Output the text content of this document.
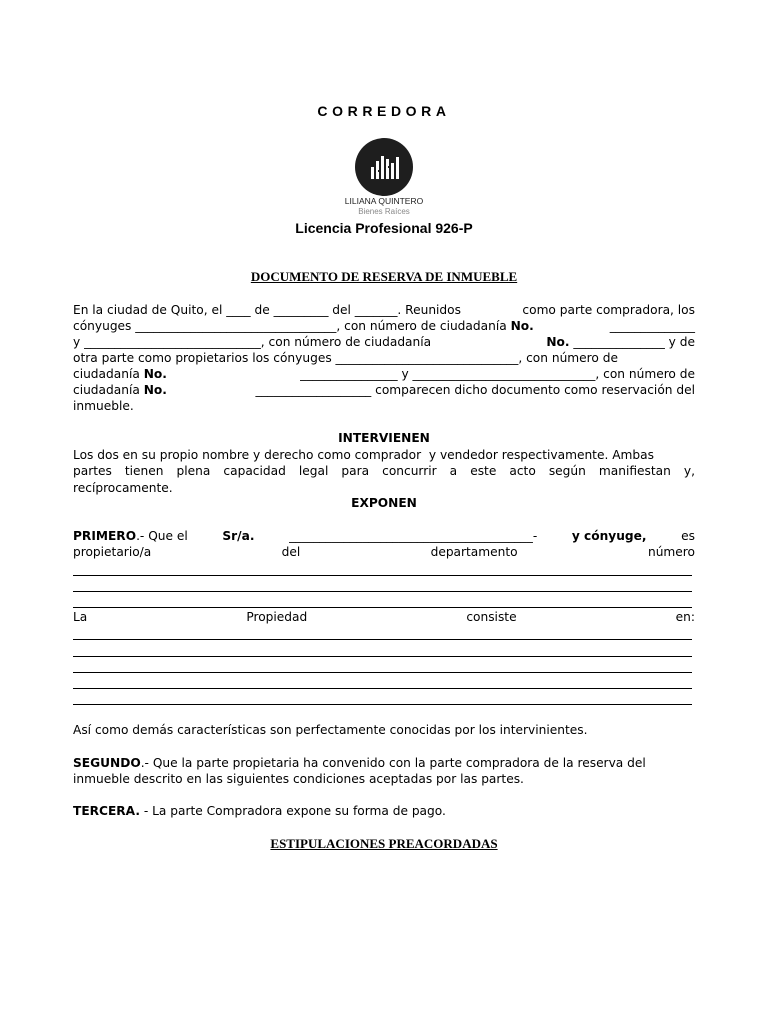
CORREDORA
LILIANA QUINTERO
Bienes Raíces
Licencia Profesional 926-P
DOCUMENTO DE RESERVA DE INMUEBLE
En la ciudad de Quito, el ____ de _________ del _______. Reunidos	como parte compradora, los
cónyuges _________________________________, con número de ciudadanía No.	______________
y _____________________________, con número de ciudadanía	No. _______________ y de
otra parte como propietarios los cónyuges ______________________________, con número de
ciudadanía No.	________________ y ______________________________, con número de
ciudadanía No.	___________________ comparecen dicho documento como reservación del
inmueble.
INTERVIENEN
Los dos en su propio nombre y derecho como comprador  y vendedor respectivamente. Ambas
partes tienen plena capacidad legal para concurrir a este acto según manifiestan y,
recíprocamente.
EXPONEN
PRIMERO.- Que el	Sr/a.	________________________________________-	y cónyuge,	es
propietario/a	del	departamento	número
La	Propiedad	consiste	en:
Así como demás características son perfectamente conocidas por los intervinientes.
SEGUNDO.- Que la parte propietaria ha convenido con la parte compradora de la reserva del
inmueble descrito en las siguientes condiciones aceptadas por las partes.
TERCERA. - La parte Compradora expone su forma de pago.
ESTIPULACIONES PREACORDADAS
